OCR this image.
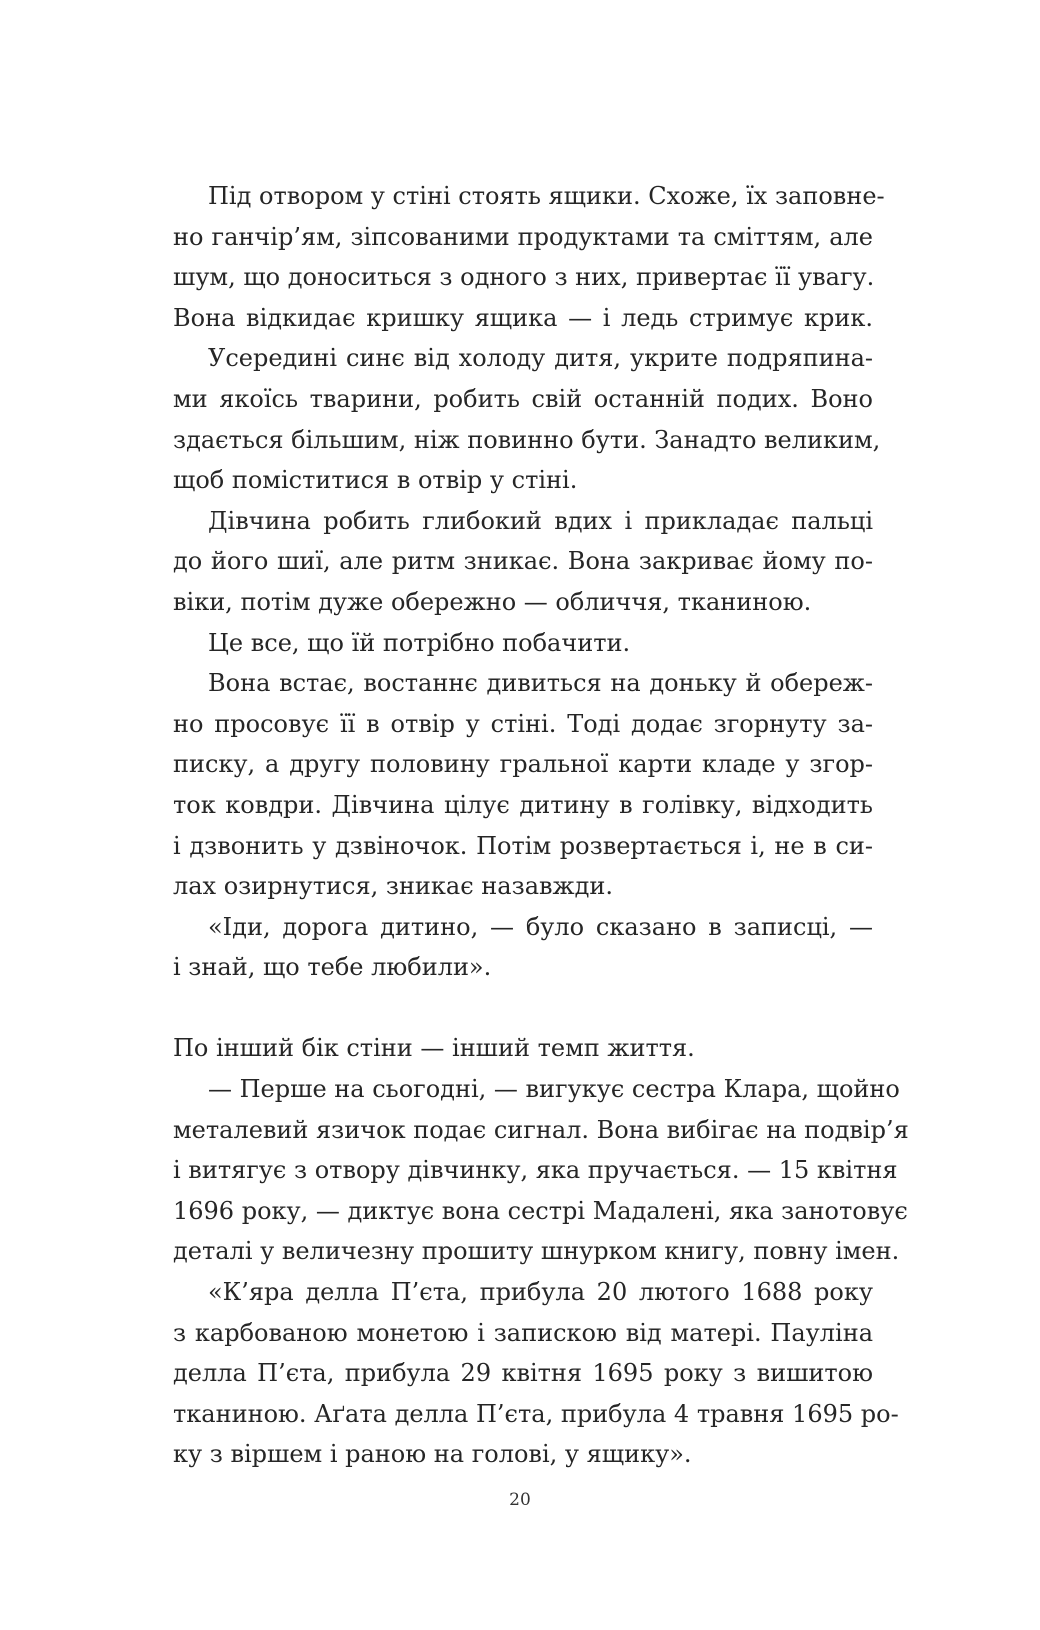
Під отвором у стіні стоять ящики. Схоже, їх заповне-
но ганчір’ям, зіпсованими продуктами та сміттям, але
шум, що доноситься з одного з них, привертає її увагу.
Вона відкидає кришку ящика — і ледь стримує крик.
Усередині синє від холоду дитя, укрите подряпина-
ми якоїсь тварини, робить свій останній подих. Воно
здається більшим, ніж повинно бути. Занадто великим,
щоб поміститися в отвір у стіні.
Дівчина робить глибокий вдих і прикладає пальці
до його шиї, але ритм зникає. Вона закриває йому по-
віки, потім дуже обережно — обличчя, тканиною.
Це все, що їй потрібно побачити.
Вона встає, востаннє дивиться на доньку й обереж-
но просовує її в отвір у стіні. Тоді додає згорнуту за-
писку, а другу половину гральної карти кладе у згор-
ток ковдри. Дівчина цілує дитину в голівку, відходить
і дзвонить у дзвіночок. Потім розвертається і, не в си-
лах озирнутися, зникає назавжди.
«Іди, дорога дитино, — було сказано в записці, —
і знай, що тебе любили».
По інший бік стіни — інший темп життя.
— Перше на сьогодні, — вигукує сестра Клара, щойно
металевий язичок подає сигнал. Вона вибігає на подвір’я
і витягує з отвору дівчинку, яка пручається. — 15 квітня
1696 року, — диктує вона сестрі Мадалені, яка занотовує
деталі у величезну прошиту шнурком книгу, повну імен.
«К’яра делла П’єта, прибула 20 лютого 1688 року
з карбованою монетою і запискою від матері. Пауліна
делла П’єта, прибула 29 квітня 1695 року з вишитою
тканиною. Аґата делла П’єта, прибула 4 травня 1695 ро-
ку з віршем і раною на голові, у ящику».
20
